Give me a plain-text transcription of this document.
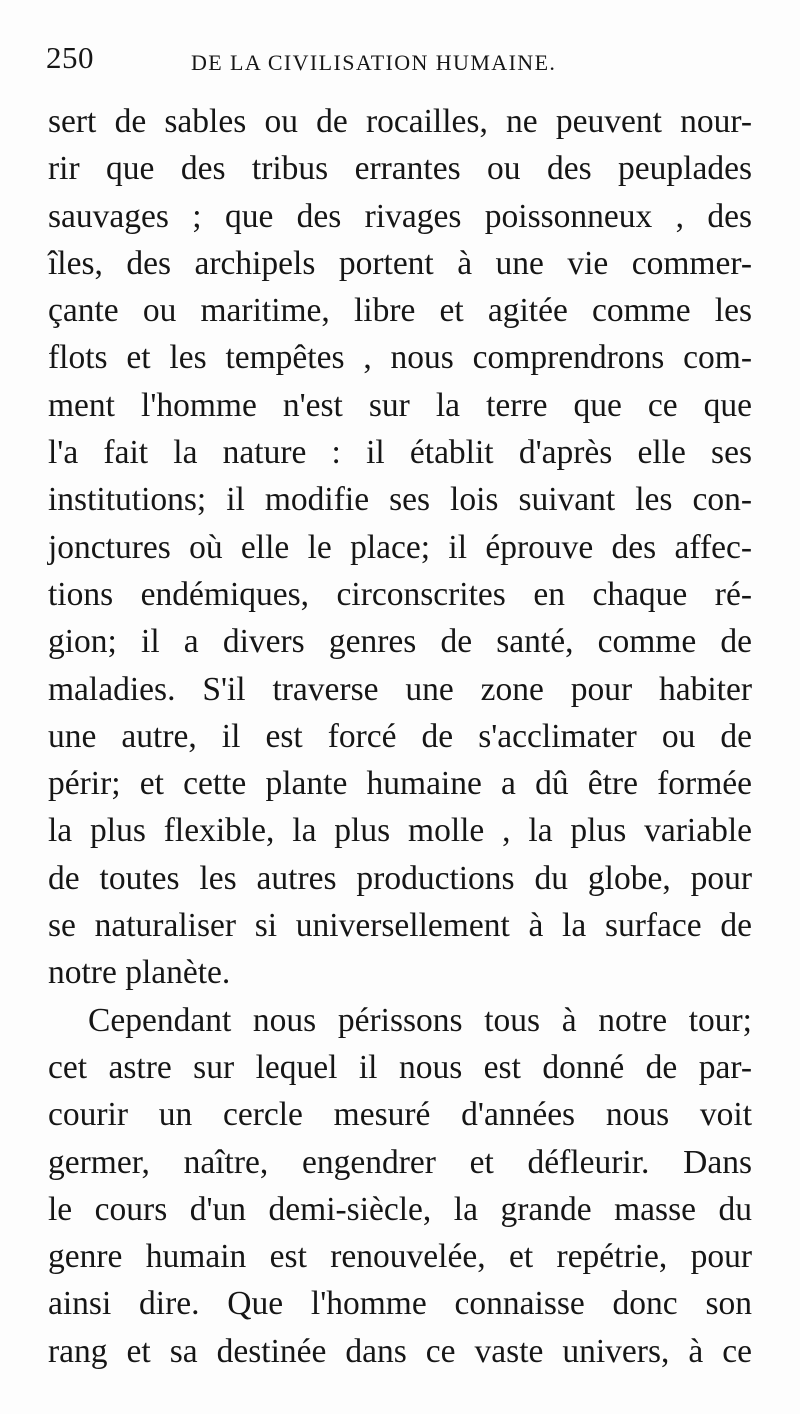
250	DE LA CIVILISATION HUMAINE.
sert de sables ou de rocailles, ne peuvent nour-
rir que des tribus errantes ou des peuplades
sauvages ; que des rivages poissonneux , des
îles, des archipels portent à une vie commer-
çante ou maritime, libre et agitée comme les
flots et les tempêtes , nous comprendrons com-
ment l'homme n'est sur la terre que ce que
l'a fait la nature : il établit d'après elle ses
institutions; il modifie ses lois suivant les con-
jonctures où elle le place; il éprouve des affec-
tions endémiques, circonscrites en chaque ré-
gion; il a divers genres de santé, comme de
maladies. S'il traverse une zone pour habiter
une autre, il est forcé de s'acclimater ou de
périr; et cette plante humaine a dû être formée
la plus flexible, la plus molle , la plus variable
de toutes les autres productions du globe, pour
se naturaliser si universellement à la surface de
notre planète.
Cependant nous périssons tous à notre tour;
cet astre sur lequel il nous est donné de par-
courir un cercle mesuré d'années nous voit
germer, naître, engendrer et défleurir. Dans
le cours d'un demi-siècle, la grande masse du
genre humain est renouvelée, et repétrie, pour
ainsi dire. Que l'homme connaisse donc son
rang et sa destinée dans ce vaste univers, à ce
